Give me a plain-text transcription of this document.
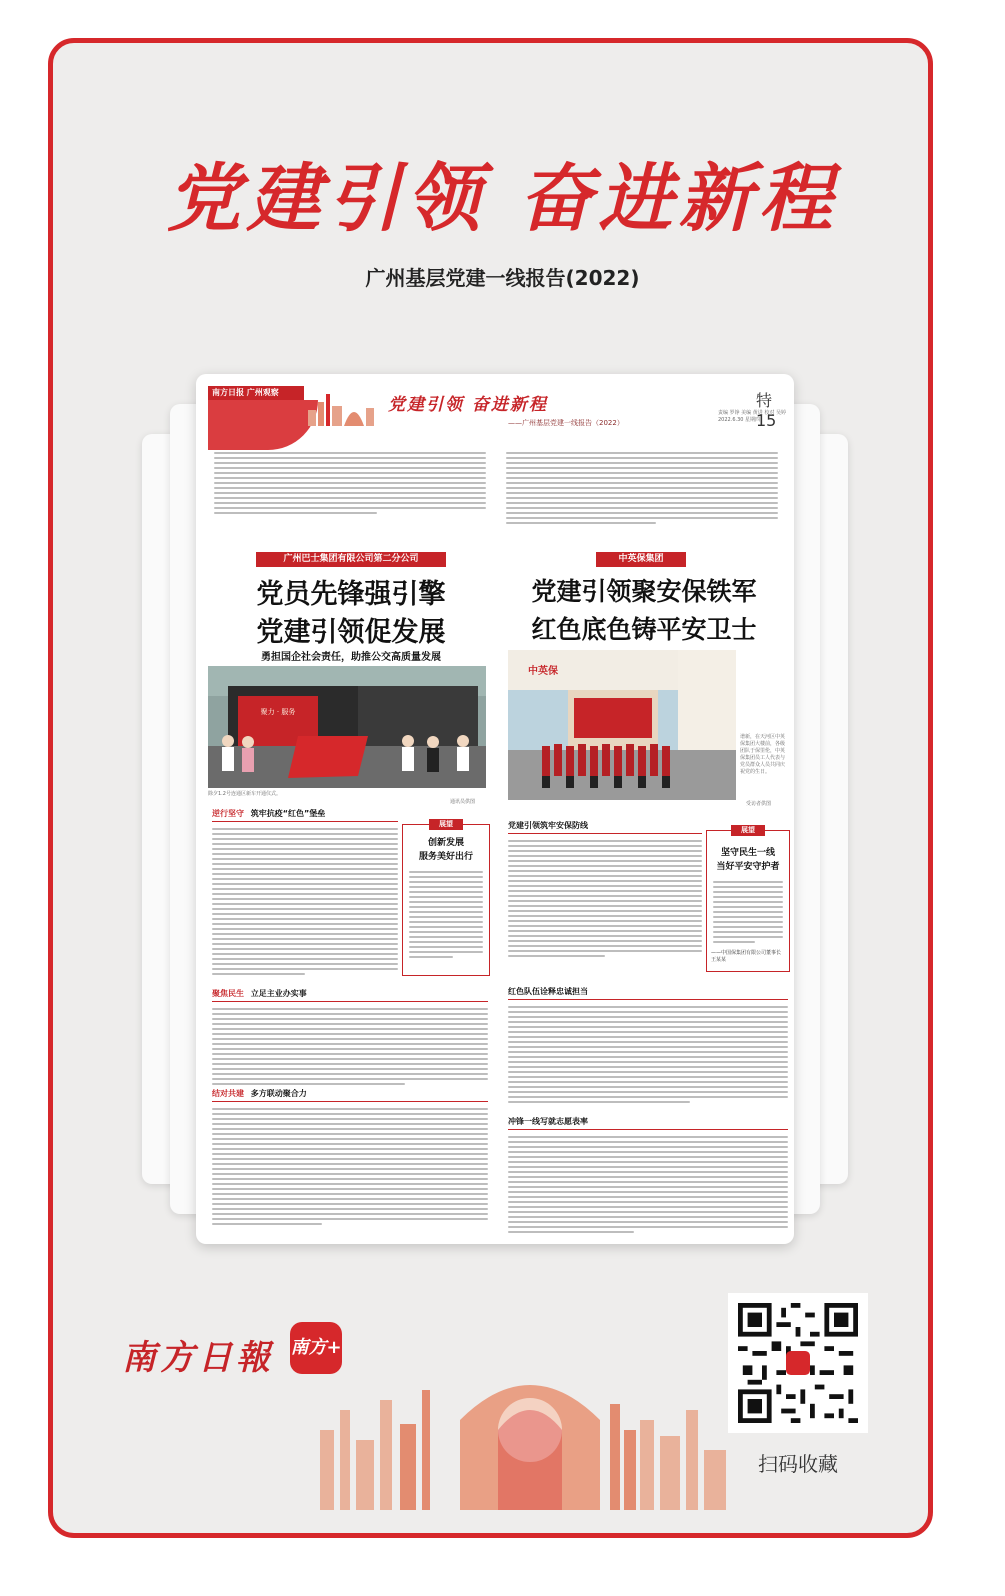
党建引领 奋进新程
广州基层党建一线报告(2022)
南方日报 广州观察
党建引领 奋进新程
——广州基层党建一线报告（2022）
特15
责编 罗铮 美编 黄进 校对 吴婷 2022.6.30 星期四
广州巴士集团有限公司第二分公司
党员先锋强引擎
党建引领促发展
勇担国企社会责任，助推公交高质量发展
聚力 · 服务
除夕1.2号连通区新车开通仪式。
通讯员供图
逆行坚守 筑牢抗疫“红色”堡垒
展望
创新发展
服务美好出行
聚焦民生 立足主业办实事
结对共建 多方联动聚合力
中英保集团
党建引领聚安保铁军
红色底色铸平安卫士
中英保
谱新，在天河区中英保集团大楼前，各级团队于保里伦，中英保集团员工人代表与党员群众人员共同庆祝党的生日。
受访者供图
党建引领筑牢安保防线	展望
坚守民生一线
当好平安守护者
——中国保集团有限公司董事长 王某某
红色队伍诠释忠诚担当
冲锋一线写就志愿表率
南方日報 南方+
扫码收藏
